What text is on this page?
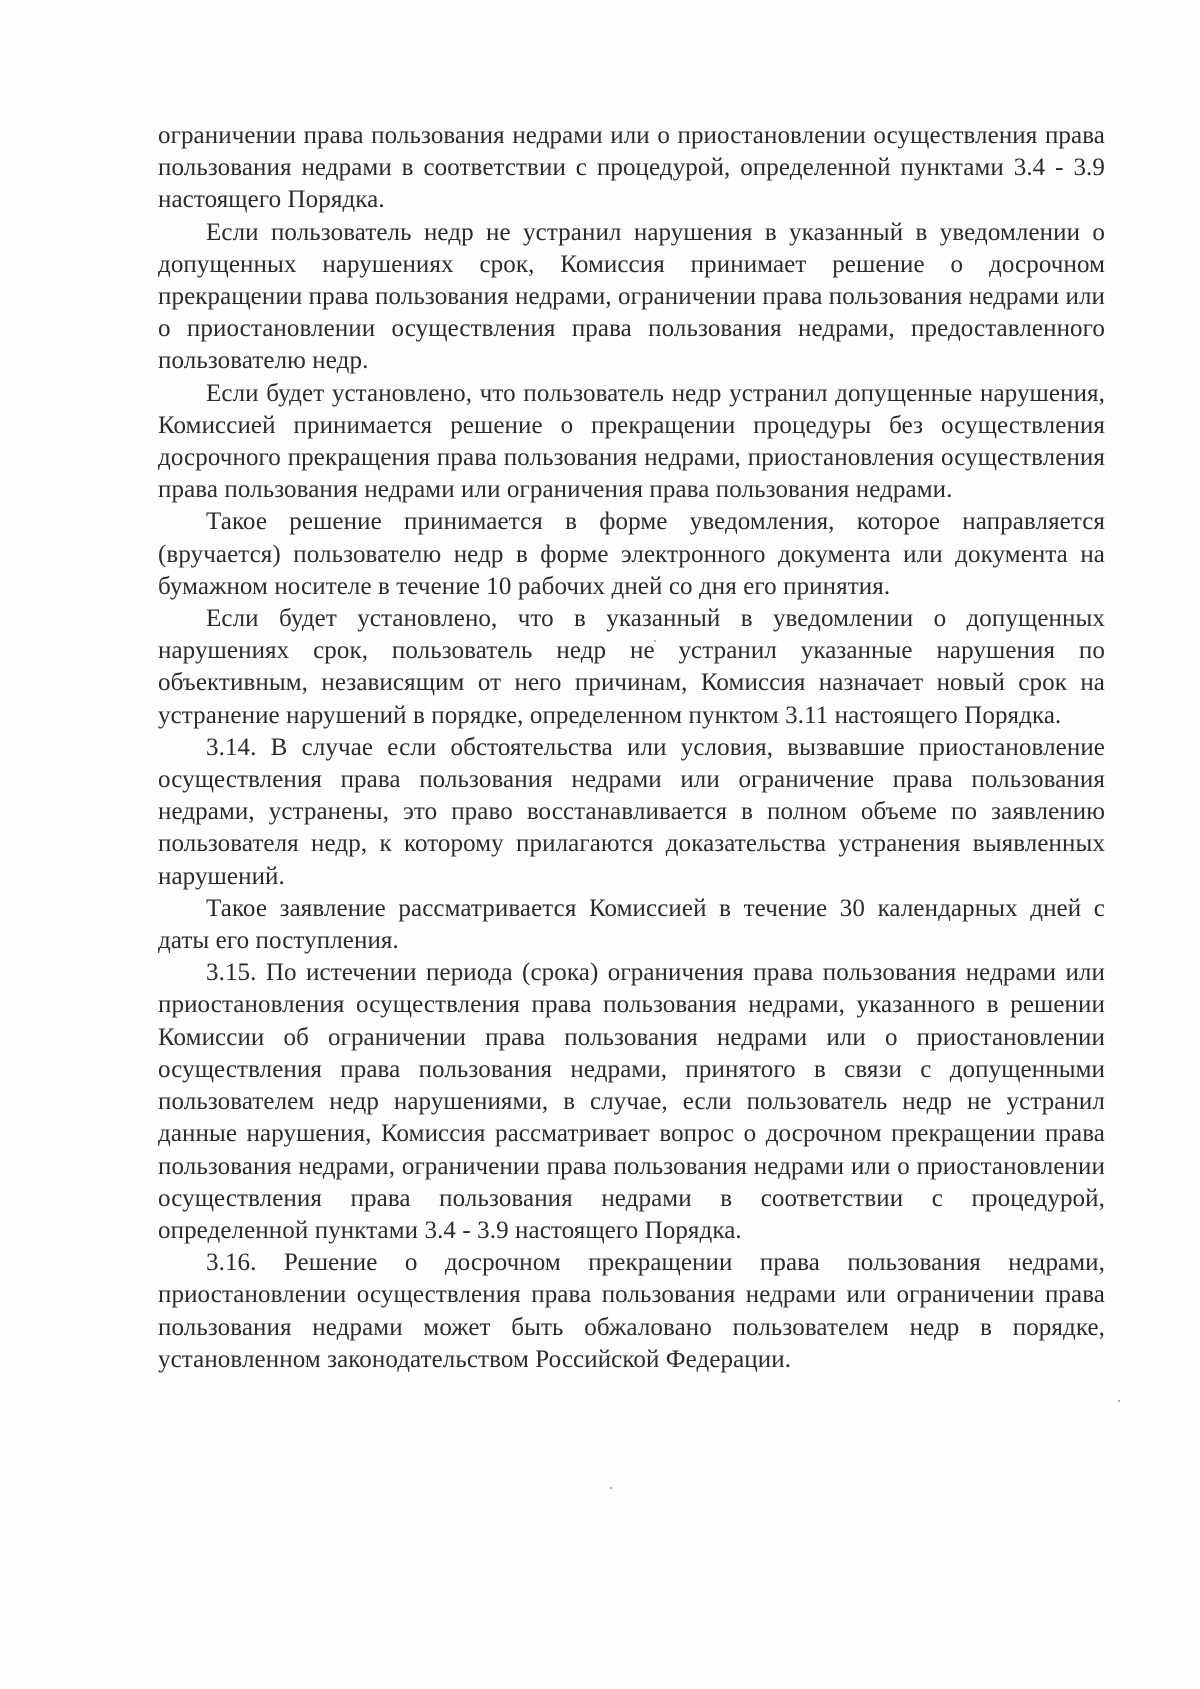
ограничении права пользования недрами или о приостановлении осуществления права пользования недрами в соответствии с процедурой, определенной пунктами 3.4 - 3.9 настоящего Порядка.

Если пользователь недр не устранил нарушения в указанный в уведомлении о допущенных нарушениях срок, Комиссия принимает решение о досрочном прекращении права пользования недрами, ограничении права пользования недрами или о приостановлении осуществления права пользования недрами, предоставленного пользователю недр.

Если будет установлено, что пользователь недр устранил допущенные нарушения, Комиссией принимается решение о прекращении процедуры без осуществления досрочного прекращения права пользования недрами, приостановления осуществления права пользования недрами или ограничения права пользования недрами.

Такое решение принимается в форме уведомления, которое направляется (вручается) пользователю недр в форме электронного документа или документа на бумажном носителе в течение 10 рабочих дней со дня его принятия.

Если будет установлено, что в указанный в уведомлении о допущенных нарушениях срок, пользователь недр не устранил указанные нарушения по объективным, независящим от него причинам, Комиссия назначает новый срок на устранение нарушений в порядке, определенном пунктом 3.11 настоящего Порядка.

3.14. В случае если обстоятельства или условия, вызвавшие приостановление осуществления права пользования недрами или ограничение права пользования недрами, устранены, это право восстанавливается в полном объеме по заявлению пользователя недр, к которому прилагаются доказательства устранения выявленных нарушений.

Такое заявление рассматривается Комиссией в течение 30 календарных дней с даты его поступления.

3.15. По истечении периода (срока) ограничения права пользования недрами или приостановления осуществления права пользования недрами, указанного в решении Комиссии об ограничении права пользования недрами или о приостановлении осуществления права пользования недрами, принятого в связи с допущенными пользователем недр нарушениями, в случае, если пользователь недр не устранил данные нарушения, Комиссия рассматривает вопрос о досрочном прекращении права пользования недрами, ограничении права пользования недрами или о приостановлении осуществления права пользования недрами в соответствии с процедурой, определенной пунктами 3.4 - 3.9 настоящего Порядка.

3.16. Решение о досрочном прекращении права пользования недрами, приостановлении осуществления права пользования недрами или ограничении права пользования недрами может быть обжаловано пользователем недр в порядке, установленном законодательством Российской Федерации.
